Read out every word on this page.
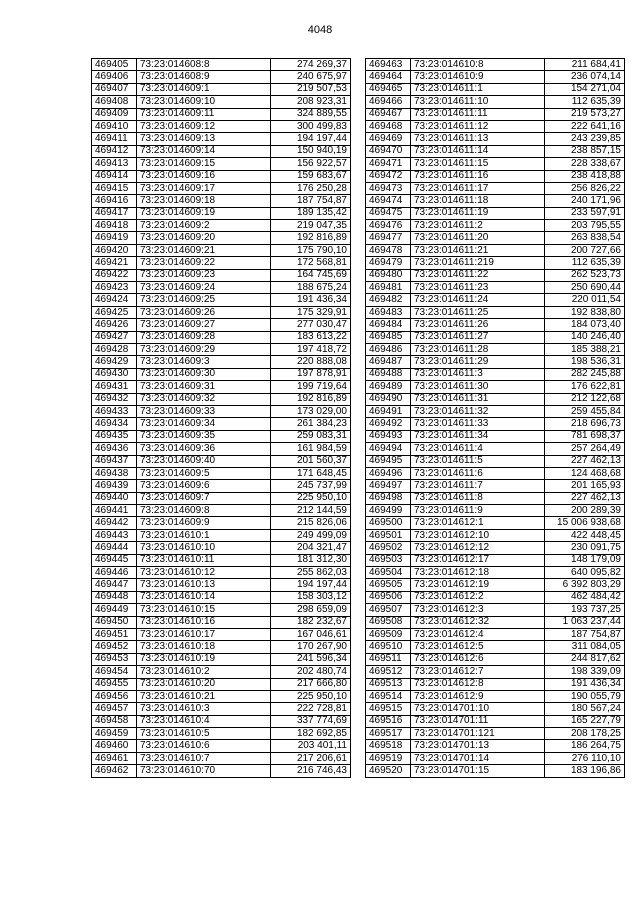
4048
469405	73:23:014608:8	274 269,37
469406	73:23:014608:9	240 675,97
469407	73:23:014609:1	219 507,53
469408	73:23:014609:10	208 923,31
469409	73:23:014609:11	324 889,55
469410	73:23:014609:12	300 499,83
469411	73:23:014609:13	194 197,44
469412	73:23:014609:14	150 940,19
469413	73:23:014609:15	156 922,57
469414	73:23:014609:16	159 683,67
469415	73:23:014609:17	176 250,28
469416	73:23:014609:18	187 754,87
469417	73:23:014609:19	189 135,42
469418	73:23:014609:2	219 047,35
469419	73:23:014609:20	192 816,89
469420	73:23:014609:21	175 790,10
469421	73:23:014609:22	172 568,81
469422	73:23:014609:23	164 745,69
469423	73:23:014609:24	188 675,24
469424	73:23:014609:25	191 436,34
469425	73:23:014609:26	175 329,91
469426	73:23:014609:27	277 030,47
469427	73:23:014609:28	183 613,22
469428	73:23:014609:29	197 418,72
469429	73:23:014609:3	220 888,08
469430	73:23:014609:30	197 878,91
469431	73:23:014609:31	199 719,64
469432	73:23:014609:32	192 816,89
469433	73:23:014609:33	173 029,00
469434	73:23:014609:34	261 384,23
469435	73:23:014609:35	259 083,31
469436	73:23:014609:36	161 984,59
469437	73:23:014609:40	201 560,37
469438	73:23:014609:5	171 648,45
469439	73:23:014609:6	245 737,99
469440	73:23:014609:7	225 950,10
469441	73:23:014609:8	212 144,59
469442	73:23:014609:9	215 826,06
469443	73:23:014610:1	249 499,09
469444	73:23:014610:10	204 321,47
469445	73:23:014610:11	181 312,30
469446	73:23:014610:12	255 862,03
469447	73:23:014610:13	194 197,44
469448	73:23:014610:14	158 303,12
469449	73:23:014610:15	298 659,09
469450	73:23:014610:16	182 232,67
469451	73:23:014610:17	167 046,61
469452	73:23:014610:18	170 267,90
469453	73:23:014610:19	241 596,34
469454	73:23:014610:2	202 480,74
469455	73:23:014610:20	217 666,80
469456	73:23:014610:21	225 950,10
469457	73:23:014610:3	222 728,81
469458	73:23:014610:4	337 774,69
469459	73:23:014610:5	182 692,85
469460	73:23:014610:6	203 401,11
469461	73:23:014610:7	217 206,61
469462	73:23:014610:70	216 746,43
469463	73:23:014610:8	211 684,41
469464	73:23:014610:9	236 074,14
469465	73:23:014611:1	154 271,04
469466	73:23:014611:10	112 635,39
469467	73:23:014611:11	219 573,27
469468	73:23:014611:12	222 641,16
469469	73:23:014611:13	243 239,85
469470	73:23:014611:14	238 857,15
469471	73:23:014611:15	228 338,67
469472	73:23:014611:16	238 418,88
469473	73:23:014611:17	256 826,22
469474	73:23:014611:18	240 171,96
469475	73:23:014611:19	233 597,91
469476	73:23:014611:2	203 795,55
469477	73:23:014611:20	263 838,54
469478	73:23:014611:21	200 727,66
469479	73:23:014611:219	112 635,39
469480	73:23:014611:22	262 523,73
469481	73:23:014611:23	250 690,44
469482	73:23:014611:24	220 011,54
469483	73:23:014611:25	192 838,80
469484	73:23:014611:26	184 073,40
469485	73:23:014611:27	140 246,40
469486	73:23:014611:28	185 388,21
469487	73:23:014611:29	198 536,31
469488	73:23:014611:3	282 245,88
469489	73:23:014611:30	176 622,81
469490	73:23:014611:31	212 122,68
469491	73:23:014611:32	259 455,84
469492	73:23:014611:33	218 696,73
469493	73:23:014611:34	781 698,37
469494	73:23:014611:4	257 264,49
469495	73:23:014611:5	227 462,13
469496	73:23:014611:6	124 468,68
469497	73:23:014611:7	201 165,93
469498	73:23:014611:8	227 462,13
469499	73:23:014611:9	200 289,39
469500	73:23:014612:1	15 006 938,68
469501	73:23:014612:10	422 448,45
469502	73:23:014612:12	230 091,75
469503	73:23:014612:17	148 179,09
469504	73:23:014612:18	640 095,82
469505	73:23:014612:19	6 392 803,29
469506	73:23:014612:2	462 484,42
469507	73:23:014612:3	193 737,25
469508	73:23:014612:32	1 063 237,44
469509	73:23:014612:4	187 754,87
469510	73:23:014612:5	311 084,05
469511	73:23:014612:6	244 817,62
469512	73:23:014612:7	198 339,09
469513	73:23:014612:8	191 436,34
469514	73:23:014612:9	190 055,79
469515	73:23:014701:10	180 567,24
469516	73:23:014701:11	165 227,79
469517	73:23:014701:121	208 178,25
469518	73:23:014701:13	186 264,75
469519	73:23:014701:14	276 110,10
469520	73:23:014701:15	183 196,86
